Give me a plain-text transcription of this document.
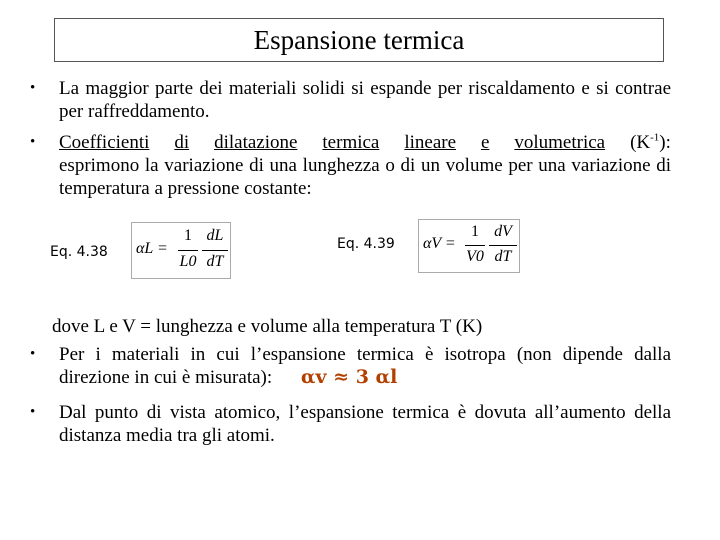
Espansione termica
• La maggior parte dei materiali solidi si espande per riscaldamento e si contrae per raffreddamento.
• Coefficienti di dilatazione termica lineare e volumetrica $(K^{-1})$:
esprimono la variazione di una lunghezza o di un volume per una variazione di temperatura a pressione costante:
Eq. 4.38 αL =
1
L0
dL
dT
Eq. 4.39 αV =
1
V0
dV
dT
dove L e V = lunghezza e volume alla temperatura T (K)
• Per i materiali in cui l’espansione termica è isotropa (non dipende dalla direzione in cui è misurata): αv ≈ 3 αl
• Dal punto di vista atomico, l’espansione termica è dovuta all’aumento della distanza media tra gli atomi.
